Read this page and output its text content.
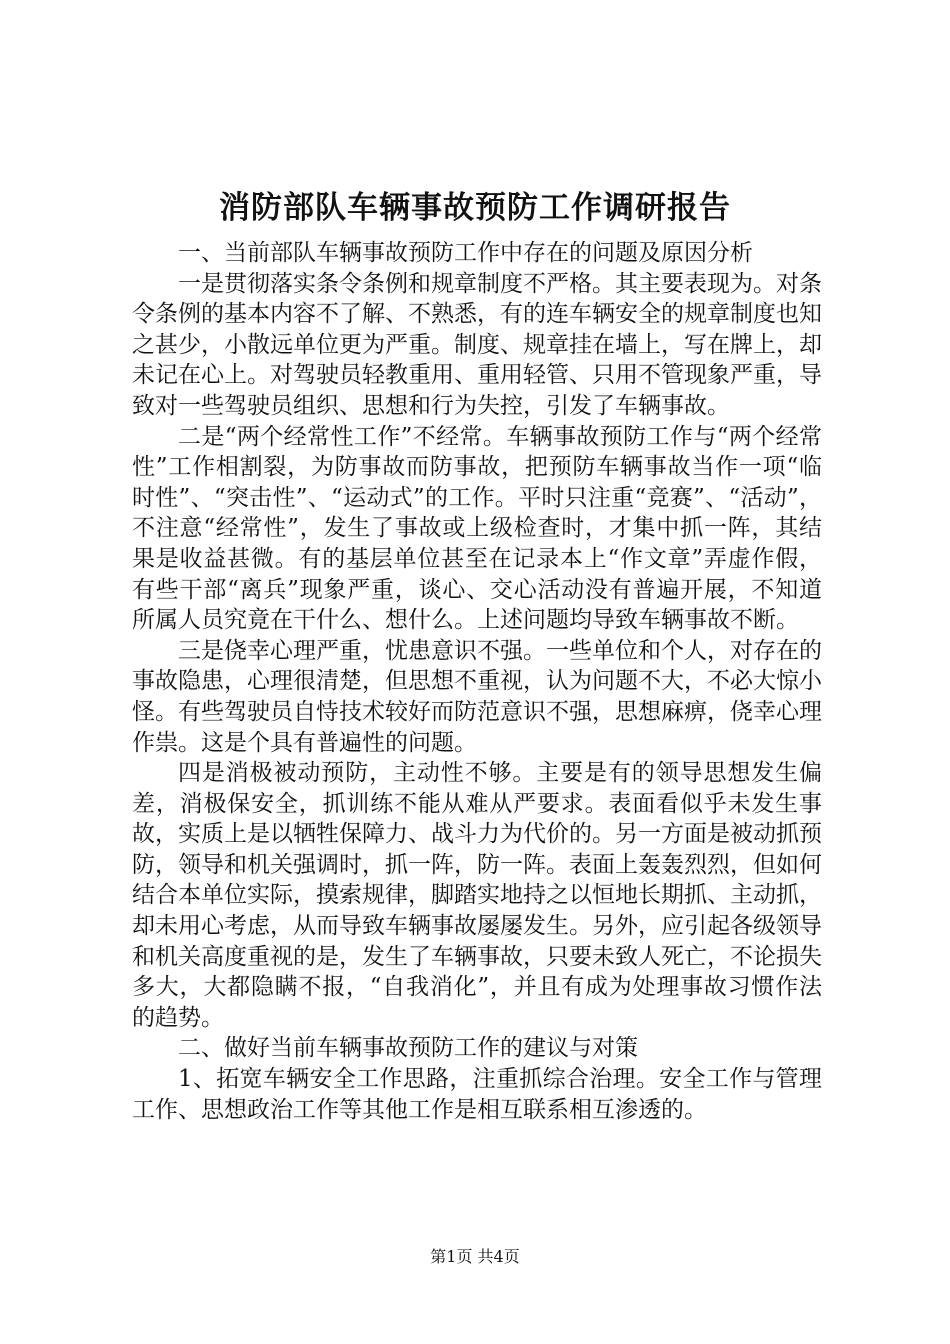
消防部队车辆事故预防工作调研报告

一、当前部队车辆事故预防工作中存在的问题及原因分析

一是贯彻落实条令条例和规章制度不严格。其主要表现为。对条令条例的基本内容不了解、不熟悉，有的连车辆安全的规章制度也知之甚少，小散远单位更为严重。制度、规章挂在墙上，写在牌上，却未记在心上。对驾驶员轻教重用、重用轻管、只用不管现象严重，导致对一些驾驶员组织、思想和行为失控，引发了车辆事故。

二是“两个经常性工作”不经常。车辆事故预防工作与“两个经常性”工作相割裂，为防事故而防事故，把预防车辆事故当作一项“临时性”、“突击性”、“运动式”的工作。平时只注重“竞赛”、“活动”，不注意“经常性”，发生了事故或上级检查时，才集中抓一阵，其结果是收益甚微。有的基层单位甚至在记录本上“作文章”弄虚作假，有些干部“离兵”现象严重，谈心、交心活动没有普遍开展，不知道所属人员究竟在干什么、想什么。上述问题均导致车辆事故不断。

三是侥幸心理严重，忧患意识不强。一些单位和个人，对存在的事故隐患，心理很清楚，但思想不重视，认为问题不大，不必大惊小怪。有些驾驶员自恃技术较好而防范意识不强，思想麻痹，侥幸心理作祟。这是个具有普遍性的问题。

四是消极被动预防，主动性不够。主要是有的领导思想发生偏差，消极保安全，抓训练不能从难从严要求。表面看似乎未发生事故，实质上是以牺牲保障力、战斗力为代价的。另一方面是被动抓预防，领导和机关强调时，抓一阵，防一阵。表面上轰轰烈烈，但如何结合本单位实际，摸索规律，脚踏实地持之以恒地长期抓、主动抓，却未用心考虑，从而导致车辆事故屡屡发生。另外，应引起各级领导和机关高度重视的是，发生了车辆事故，只要未致人死亡，不论损失多大，大都隐瞒不报，“自我消化”，并且有成为处理事故习惯作法的趋势。

二、做好当前车辆事故预防工作的建议与对策

1、拓宽车辆安全工作思路，注重抓综合治理。安全工作与管理工作、思想政治工作等其他工作是相互联系相互渗透的。

第1页 共4页
